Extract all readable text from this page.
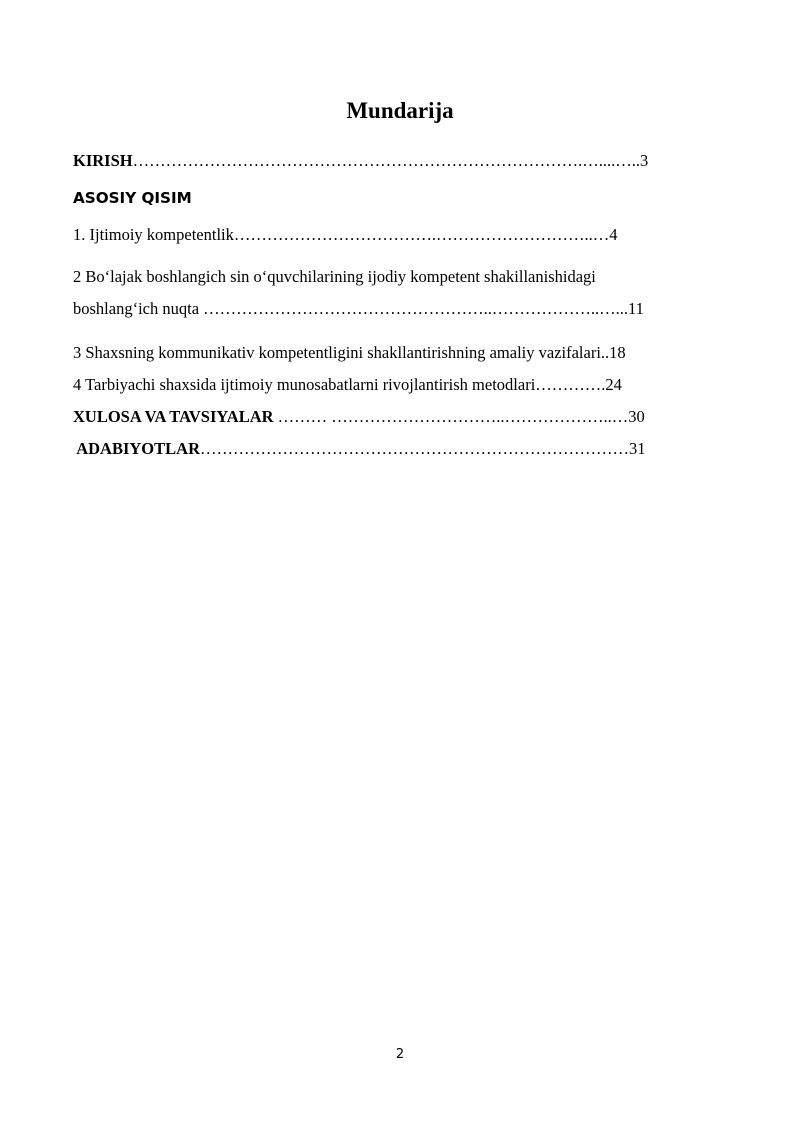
Mundarija
KIRISH……………………………………………………………………….…....…..3
ASOSIY QISIM
1. Ijtimoiy kompetentlik……………………………….………………………..…4
2 Bo‘lajak boshlangich sin o‘quvchilarining ijodiy kompetent shakillanishidagi
boshlang‘ich nuqta ……………………………………………..………………..…...11
3 Shaxsning kommunikativ kompetentligini shakllantirishning amaliy vazifalari..18
4 Tarbiyachi shaxsida ijtimoiy munosabatlarni rivojlantirish metodlari………….24
XULOSA VA TAVSIYALAR ……… …………………………..………………..…30
ADABIYOTLAR……………………………………………………………………31
2
